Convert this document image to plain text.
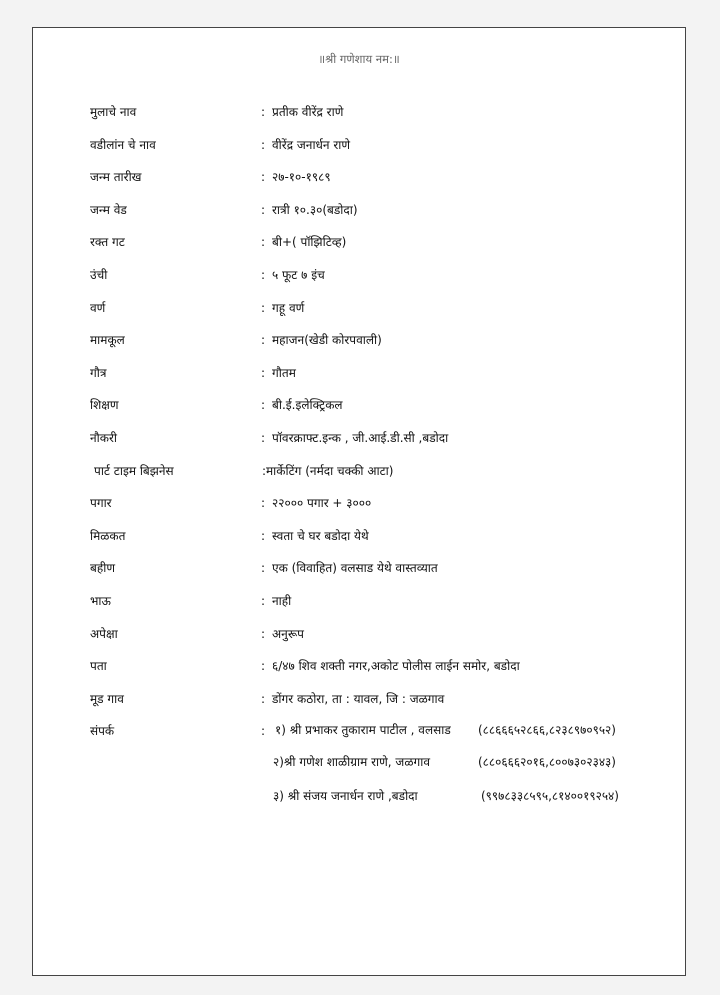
॥श्री गणेशाय नम:॥
मुलाचे नाव	: प्रतीक वीरेंद्र राणे
वडीलांन चे नाव	: वीरेंद्र जनार्धन राणे
जन्म तारीख	: २७-१०-१९८९
जन्म वेड	: रात्री १०.३०(बडोदा)
रक्त गट	: बी+( पॉझिटिव्ह)
उंची	: ५ फूट ७ इंच
वर्ण	: गहू वर्ण
मामकूल	: महाजन(खेडी कोरपवाली)
गौत्र	: गौतम
शिक्षण	: बी.ई.इलेक्ट्रिकल
नौकरी	: पॉवरक्राफ्ट.इन्क , जी.आई.डी.सी ,बडोदा
पार्ट टाइम बिझनेस	: मार्केटिंग (नर्मदा चक्की आटा)
पगार	: २२००० पगार + ३०००
मिळकत	: स्वता चे घर बडोदा येथे
बहीण	: एक (विवाहित) वलसाड येथे वास्तव्यात
भाऊ	: नाही
अपेक्षा	: अनुरूप
पता	: ६/४७ शिव शक्ती नगर,अकोट पोलीस लाईन समोर, बडोदा
मूड गाव	: डोंगर कठोरा, ता : यावल, जि : जळगाव
संपर्क	: १) श्री प्रभाकर तुकाराम पाटील , वलसाड (८८६६६५२८६६,८२३८९७०९५२)
२)श्री गणेश शाळीग्राम राणे, जळगाव	(८८०६६६२०१६,८००७३०२३४३)
३) श्री संजय जनार्धन राणे ,बडोदा	(९९७८३३८५९५,८१४००१९२५४)
